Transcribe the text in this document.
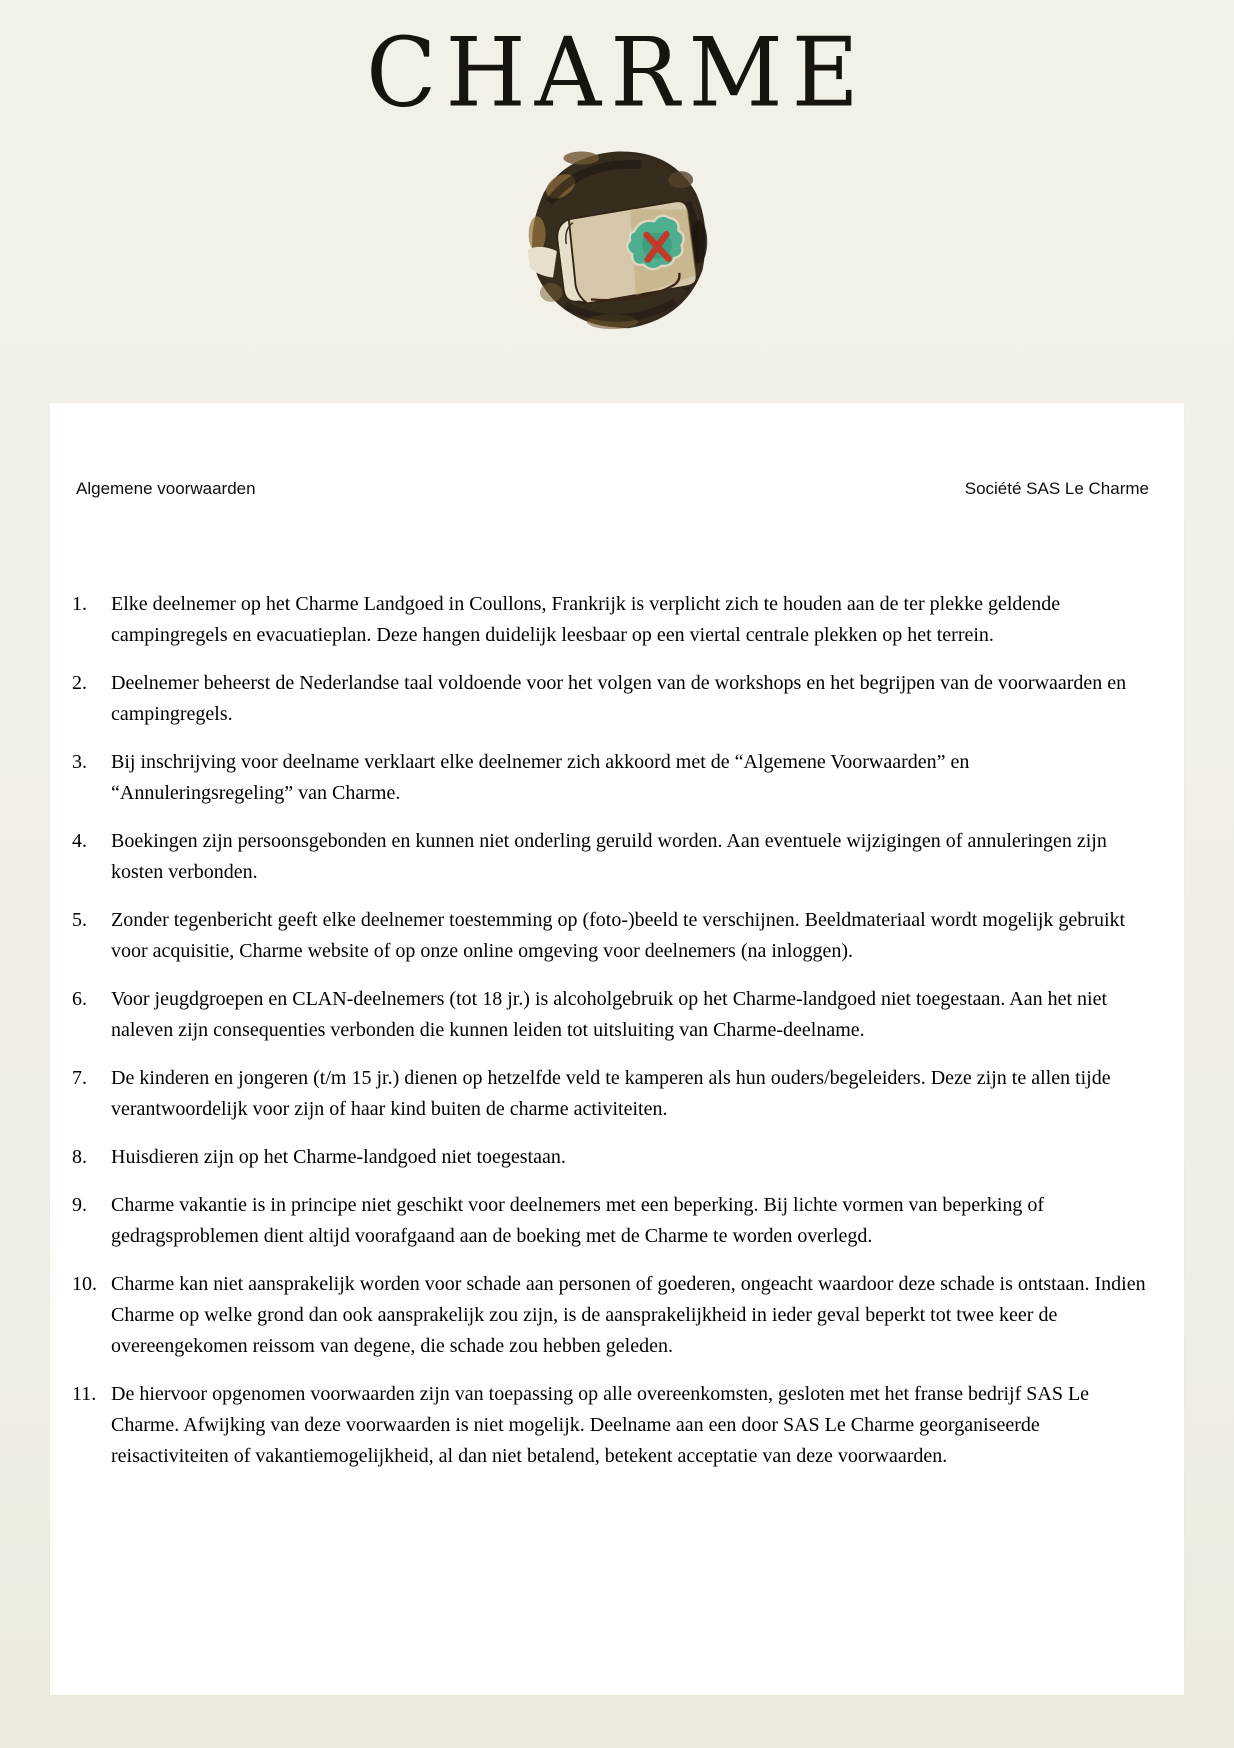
CHARME
Algemene voorwaarden	Société SAS Le Charme
1.	Elke deelnemer op het Charme Landgoed in Coullons, Frankrijk is verplicht zich te houden aan de ter plekke geldende campingregels en evacuatieplan. Deze hangen duidelijk leesbaar op een viertal centrale plekken op het terrein.
2.	Deelnemer beheerst de Nederlandse taal voldoende voor het volgen van de workshops en het begrijpen van de voorwaarden en campingregels.
3.	Bij inschrijving voor deelname verklaart elke deelnemer zich akkoord met de “Algemene Voorwaarden” en “Annuleringsregeling” van Charme.
4.	Boekingen zijn persoonsgebonden en kunnen niet onderling geruild worden. Aan eventuele wijzigingen of annuleringen zijn kosten verbonden.
5.	Zonder tegenbericht geeft elke deelnemer toestemming op (foto-)beeld te verschijnen. Beeldmateriaal wordt mogelijk gebruikt voor acquisitie, Charme website of op onze online omgeving voor deelnemers (na inloggen).
6.	Voor jeugdgroepen en CLAN-deelnemers (tot 18 jr.) is alcoholgebruik op het Charme-landgoed niet toegestaan. Aan het niet naleven zijn consequenties verbonden die kunnen leiden tot uitsluiting van Charme-deelname.
7.	De kinderen en jongeren (t/m 15 jr.) dienen op hetzelfde veld te kamperen als hun ouders/begeleiders. Deze zijn te allen tijde verantwoordelijk voor zijn of haar kind buiten de charme activiteiten.
8.	Huisdieren zijn op het Charme-landgoed niet toegestaan.
9.	Charme vakantie is in principe niet geschikt voor deelnemers met een beperking. Bij lichte vormen van beperking of gedragsproblemen dient altijd voorafgaand aan de boeking met de Charme te worden overlegd.
10. Charme kan niet aansprakelijk worden voor schade aan personen of goederen, ongeacht waardoor deze schade is ontstaan. Indien Charme op welke grond dan ook aansprakelijk zou zijn, is de aansprakelijkheid in ieder geval beperkt tot twee keer de overeengekomen reissom van degene, die schade zou hebben geleden.
11. De hiervoor opgenomen voorwaarden zijn van toepassing op alle overeenkomsten, gesloten met het franse bedrijf SAS Le Charme. Afwijking van deze voorwaarden is niet mogelijk. Deelname aan een door SAS Le Charme georganiseerde reisactiviteiten of vakantiemogelijkheid, al dan niet betalend, betekent acceptatie van deze voorwaarden.
